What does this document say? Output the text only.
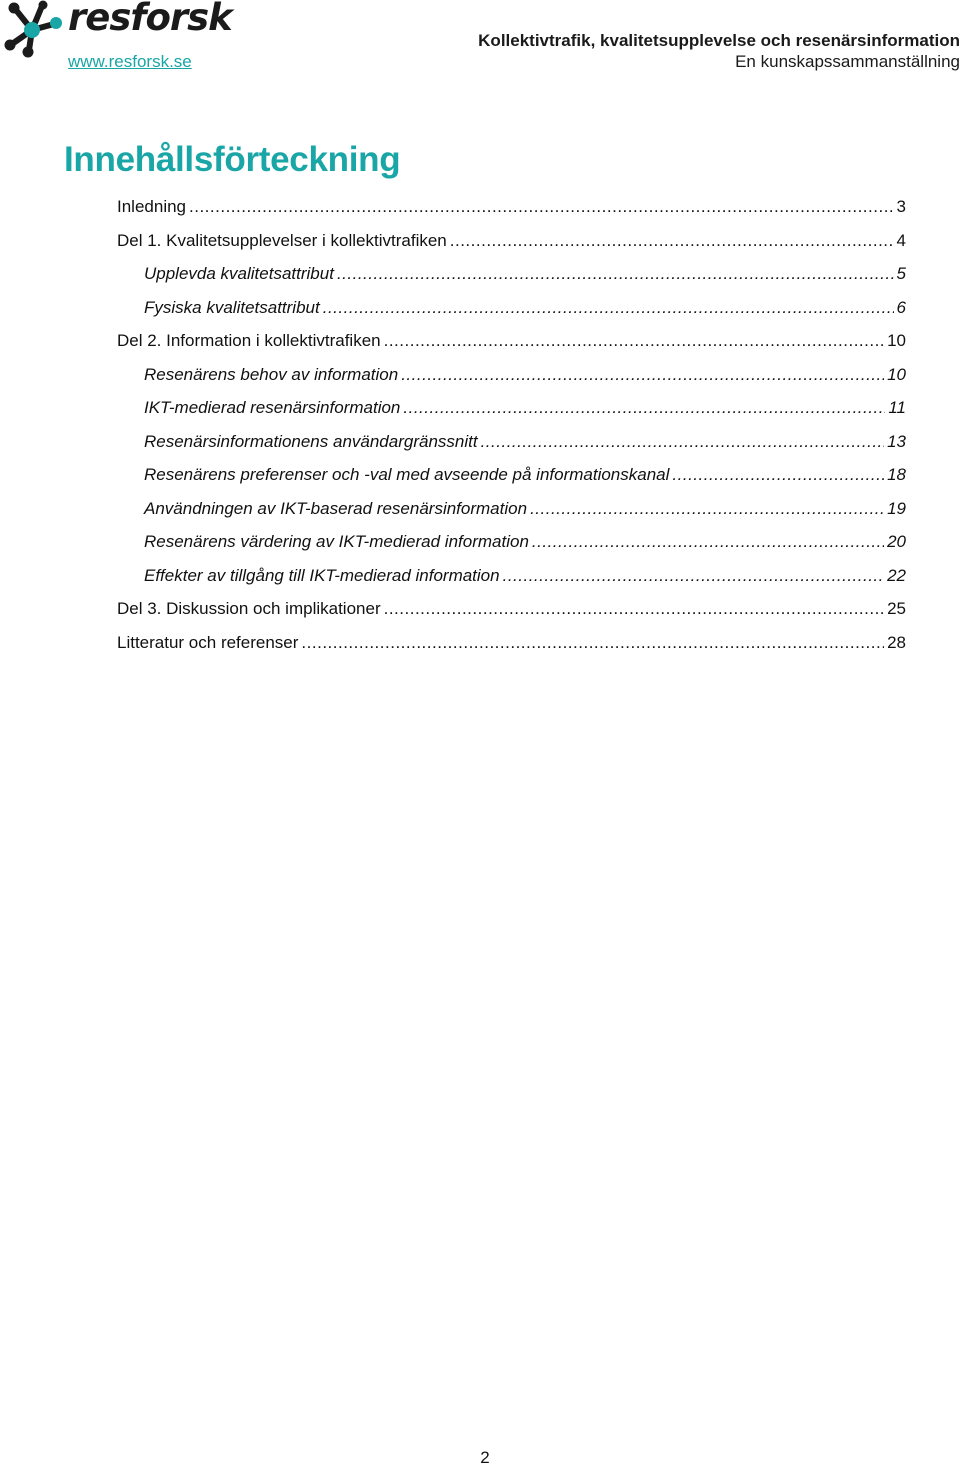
resforsk
www.resforsk.se
Kollektivtrafik, kvalitetsupplevelse och resenärsinformation
En kunskapssammanställning
Innehållsförteckning
Inledning .....	3
Del 1. Kvalitetsupplevelser i kollektivtrafiken .....	4
Upplevda kvalitetsattribut .....	5
Fysiska kvalitetsattribut .....	6
Del 2. Information i kollektivtrafiken .....	10
Resenärens behov av information .....	10
IKT-medierad resenärsinformation .....	11
Resenärsinformationens användargränssnitt .....	13
Resenärens preferenser och -val med avseende på informationskanal .....	18
Användningen av IKT-baserad resenärsinformation .....	19
Resenärens värdering av IKT-medierad information .....	20
Effekter av tillgång till IKT-medierad information .....	22
Del 3. Diskussion och implikationer .....	25
Litteratur och referenser .....	28
2
